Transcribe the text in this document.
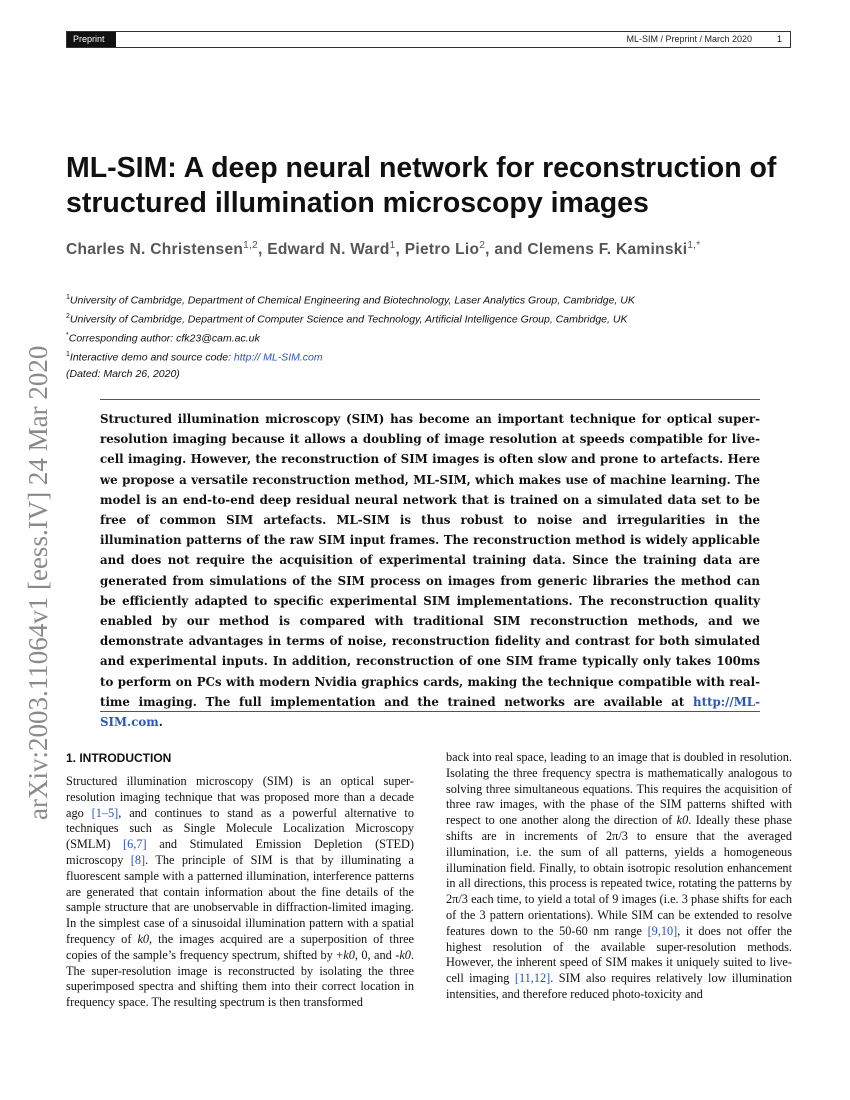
Preprint	ML-SIM / Preprint / March 2020	1
arXiv:2003.11064v1 [eess.IV] 24 Mar 2020
ML-SIM: A deep neural network for reconstruction of structured illumination microscopy images
Charles N. Christensen$^{1,2}$, Edward N. Ward$^1$, Pietro Lio$^2$, and Clemens F. Kaminski$^{1,*}$
$^1$University of Cambridge, Department of Chemical Engineering and Biotechnology, Laser Analytics Group, Cambridge, UK
$^2$University of Cambridge, Department of Computer Science and Technology, Artificial Intelligence Group, Cambridge, UK
*Corresponding author: cfk23@cam.ac.uk
$^1$Interactive demo and source code: http:// ML-SIM.com
(Dated: March 26, 2020)
Structured illumination microscopy (SIM) has become an important technique for optical super-resolution imaging because it allows a doubling of image resolution at speeds compatible for live-cell imaging. However, the reconstruction of SIM images is often slow and prone to artefacts. Here we propose a versatile reconstruction method, ML-SIM, which makes use of machine learning. The model is an end-to-end deep residual neural network that is trained on a simulated data set to be free of common SIM artefacts. ML-SIM is thus robust to noise and irregularities in the illumination patterns of the raw SIM input frames. The reconstruction method is widely applicable and does not require the acquisition of experimental training data. Since the training data are generated from simulations of the SIM process on images from generic libraries the method can be efficiently adapted to specific experimental SIM implementations. The reconstruction quality enabled by our method is compared with traditional SIM reconstruction methods, and we demonstrate advantages in terms of noise, reconstruction fidelity and contrast for both simulated and experimental inputs. In addition, reconstruction of one SIM frame typically only takes 100ms to perform on PCs with modern Nvidia graphics cards, making the technique compatible with real-time imaging. The full implementation and the trained networks are available at http://ML-SIM.com.
1. INTRODUCTION
Structured illumination microscopy (SIM) is an optical super-resolution imaging technique that was proposed more than a decade ago [1–5], and continues to stand as a powerful alternative to techniques such as Single Molecule Localization Microscopy (SMLM) [6,7] and Stimulated Emission Depletion (STED) microscopy [8]. The principle of SIM is that by illuminating a fluorescent sample with a patterned illumination, interference patterns are generated that contain information about the fine details of the sample structure that are unobservable in diffraction-limited imaging. In the simplest case of a sinusoidal illumination pattern with a spatial frequency of k0, the images acquired are a superposition of three copies of the sample’s frequency spectrum, shifted by +k0, 0, and -k0. The super-resolution image is reconstructed by isolating the three superimposed spectra and shifting them into their correct location in frequency space. The resulting spectrum is then transformed
back into real space, leading to an image that is doubled in resolution. Isolating the three frequency spectra is mathematically analogous to solving three simultaneous equations. This requires the acquisition of three raw images, with the phase of the SIM patterns shifted with respect to one another along the direction of k0. Ideally these phase shifts are in increments of 2π/3 to ensure that the averaged illumination, i.e. the sum of all patterns, yields a homogeneous illumination field. Finally, to obtain isotropic resolution enhancement in all directions, this process is repeated twice, rotating the patterns by 2π/3 each time, to yield a total of 9 images (i.e. 3 phase shifts for each of the 3 pattern orientations). While SIM can be extended to resolve features down to the 50-60 nm range [9,10], it does not offer the highest resolution of the available super-resolution methods. However, the inherent speed of SIM makes it uniquely suited to live-cell imaging [11,12]. SIM also requires relatively low illumination intensities, and therefore reduced photo-toxicity and
